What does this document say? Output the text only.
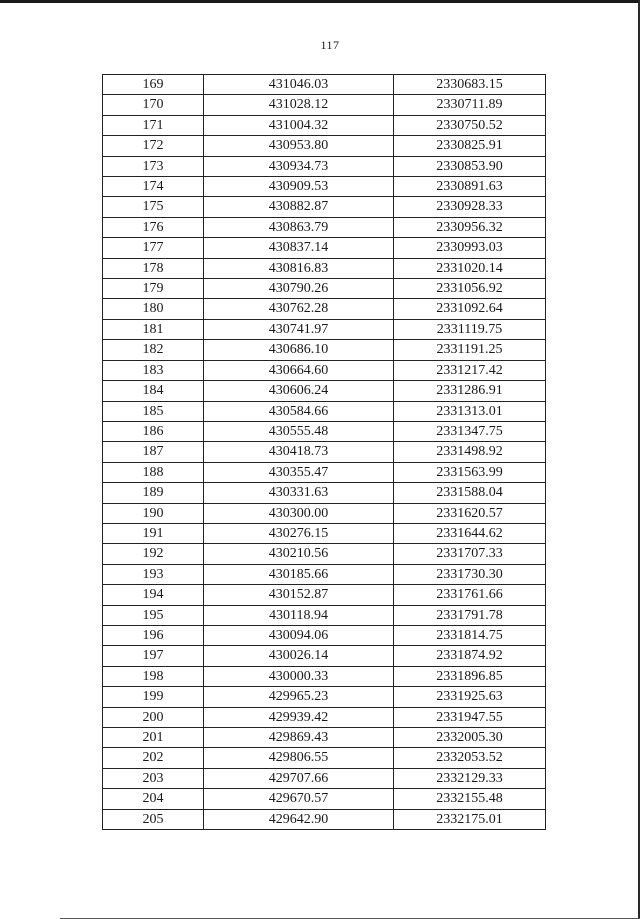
117
169	431046.03	2330683.15
170	431028.12	2330711.89
171	431004.32	2330750.52
172	430953.80	2330825.91
173	430934.73	2330853.90
174	430909.53	2330891.63
175	430882.87	2330928.33
176	430863.79	2330956.32
177	430837.14	2330993.03
178	430816.83	2331020.14
179	430790.26	2331056.92
180	430762.28	2331092.64
181	430741.97	2331119.75
182	430686.10	2331191.25
183	430664.60	2331217.42
184	430606.24	2331286.91
185	430584.66	2331313.01
186	430555.48	2331347.75
187	430418.73	2331498.92
188	430355.47	2331563.99
189	430331.63	2331588.04
190	430300.00	2331620.57
191	430276.15	2331644.62
192	430210.56	2331707.33
193	430185.66	2331730.30
194	430152.87	2331761.66
195	430118.94	2331791.78
196	430094.06	2331814.75
197	430026.14	2331874.92
198	430000.33	2331896.85
199	429965.23	2331925.63
200	429939.42	2331947.55
201	429869.43	2332005.30
202	429806.55	2332053.52
203	429707.66	2332129.33
204	429670.57	2332155.48
205	429642.90	2332175.01
